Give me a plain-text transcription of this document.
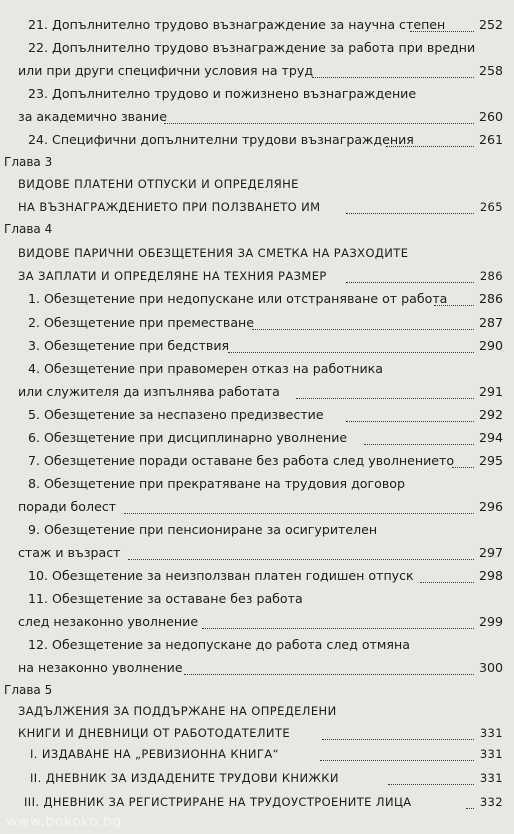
21. Допълнително трудово възнаграждение за научна степен	252
22. Допълнително трудово възнаграждение за работа при вредни
или при други специфични условия на труд	258
23. Допълнително трудово и пожизнено възнаграждение
за академично звание	260
24. Специфични допълнителни трудови възнаграждения	261
Глава 3
ВИДОВЕ ПЛАТЕНИ ОТПУСКИ И ОПРЕДЕЛЯНЕ
НА ВЪЗНАГРАЖДЕНИЕТО ПРИ ПОЛЗВАНЕТО ИМ	265
Глава 4
ВИДОВЕ ПАРИЧНИ ОБЕЗЩЕТЕНИЯ ЗА СМЕТКА НА РАЗХОДИТЕ
ЗА ЗАПЛАТИ И ОПРЕДЕЛЯНЕ НА ТЕХНИЯ РАЗМЕР	286
1. Обезщетение при недопускане или отстраняване от работа	286
2. Обезщетение при преместване	287
3. Обезщетение при бедствия	290
4. Обезщетение при правомерен отказ на работника
или служителя да изпълнява работата	291
5. Обезщетение за неспазено предизвестие	292
6. Обезщетение при дисциплинарно уволнение	294
7. Обезщетение поради оставане без работа след уволнението 295
8. Обезщетение при прекратяване на трудовия договор
поради болест	296
9. Обезщетение при пенсиониране за осигурителен
стаж и възраст	297
10. Обезщетение за неизползван платен годишен отпуск	298
11. Обезщетение за оставане без работа
след незаконно уволнение	299
12. Обезщетение за недопускане до работа след отмяна
на незаконно уволнение	300
Глава 5
ЗАДЪЛЖЕНИЯ ЗА ПОДДЪРЖАНЕ НА ОПРЕДЕЛЕНИ
КНИГИ И ДНЕВНИЦИ ОТ РАБОТОДАТЕЛИТЕ	331
I. ИЗДАВАНЕ НА „РЕВИЗИОННА КНИГА“	331
II. ДНЕВНИК ЗА ИЗДАДЕНИТЕ ТРУДОВИ КНИЖКИ	331
III. ДНЕВНИК ЗА РЕГИСТРИРАНЕ НА ТРУДОУСТРОЕНИТЕ ЛИЦА	332
www.bokoko.bg
